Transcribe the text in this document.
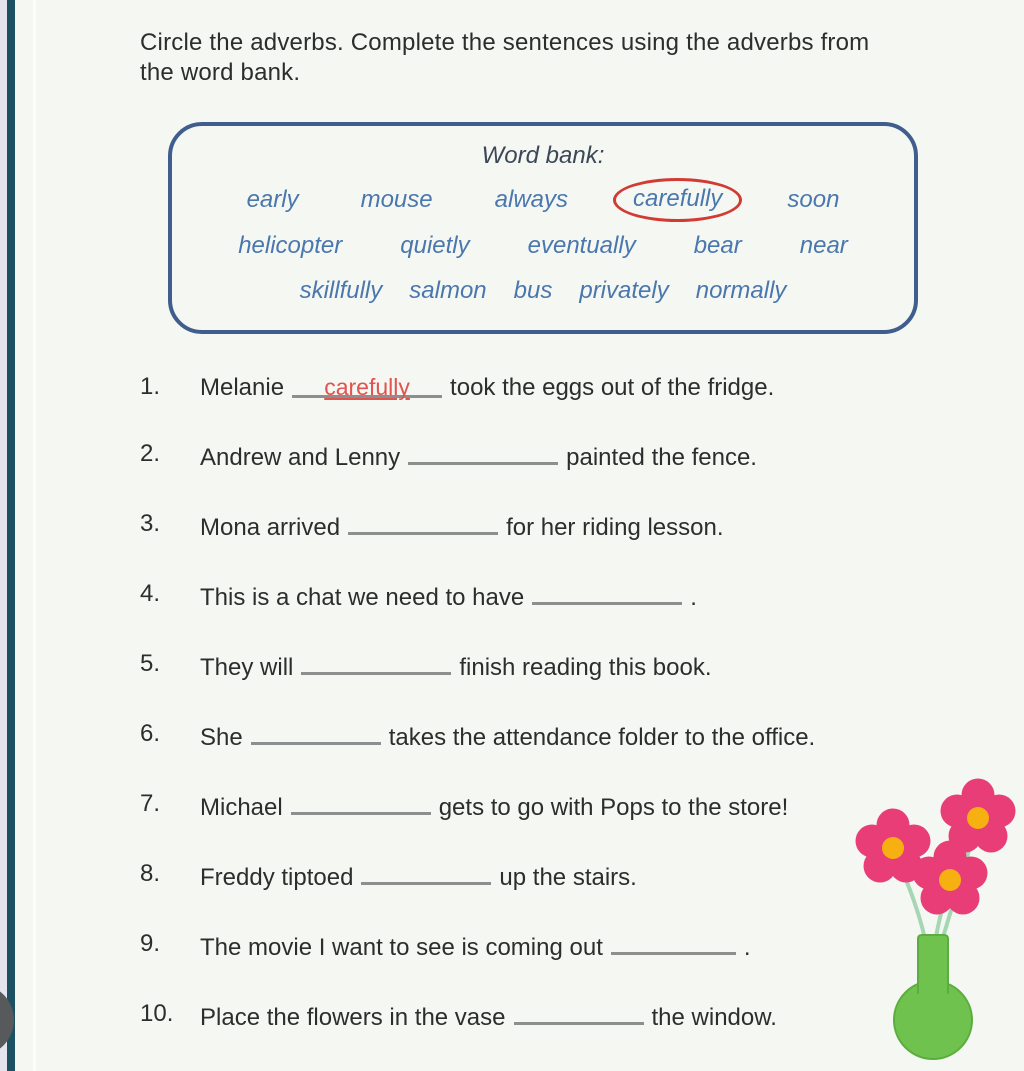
Circle the adverbs. Complete the sentences using the adverbs from the word bank.
Word bank:
early	mouse	always	carefully	soon
helicopter quietly eventually bear near
skillfully salmon bus privately normally
1.	Melanie carefully took the eggs out of the fridge.

2.	Andrew and Lenny	painted the fence.

3.	Mona arrived	for her riding lesson.

4.	This is a chat we need to have	.

5.	They will	finish reading this book.

6.	She	takes the attendance folder to the office.

7.	Michael	gets to go with Pops to the store!

8.	Freddy tiptoed	up the stairs.

9.	The movie I want to see is coming out	.

10.	Place the flowers in the vase	the window.
